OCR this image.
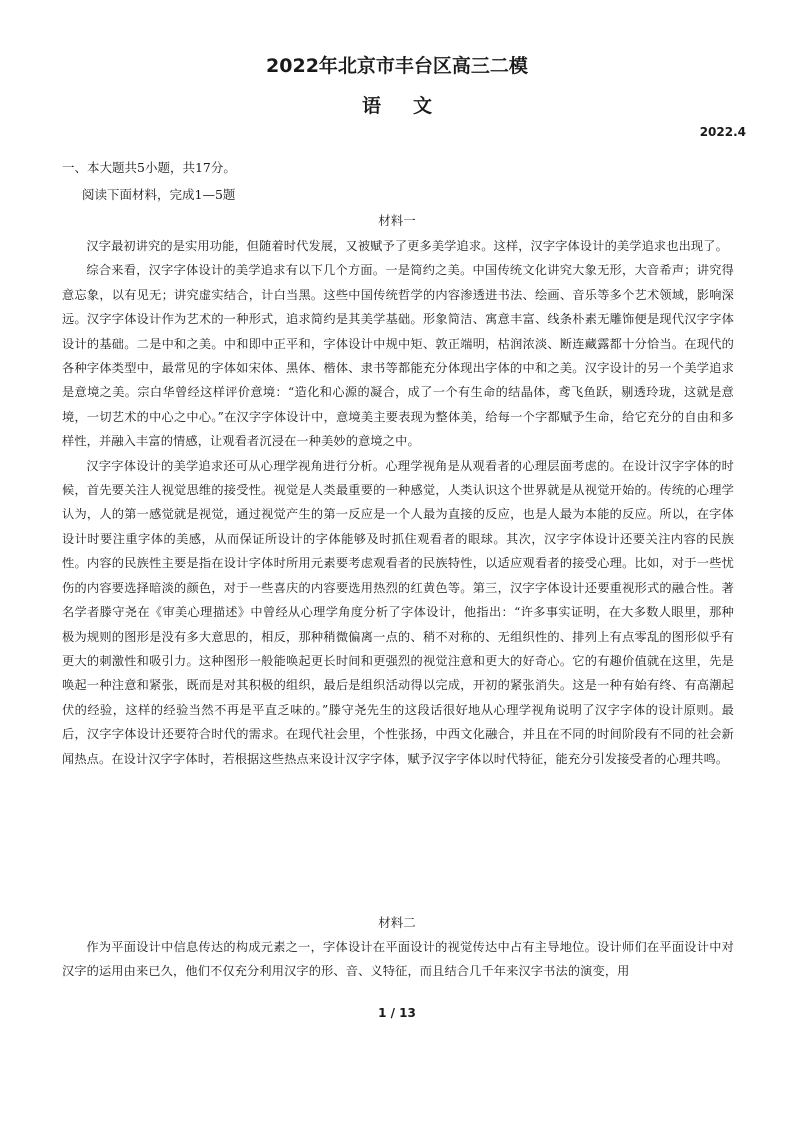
2022年北京市丰台区高三二模
语文
2022.4
一、本大题共5小题，共17分。
阅读下面材料，完成1—5题
材料一

汉字最初讲究的是实用功能，但随着时代发展，又被赋予了更多美学追求。这样，汉字字体设计的美学追求也出现了。

综合来看，汉字字体设计的美学追求有以下几个方面。一是简约之美。中国传统文化讲究大象无形，大音希声；讲究得意忘象，以有见无；讲究虚实结合，计白当黑。这些中国传统哲学的内容渗透进书法、绘画、音乐等多个艺术领域，影响深远。汉字字体设计作为艺术的一种形式，追求简约是其美学基础。形象简洁、寓意丰富、线条朴素无雕饰便是现代汉字字体设计的基础。二是中和之美。中和即中正平和，字体设计中规中矩、敦正端明，枯润浓淡、断连藏露都十分恰当。在现代的各种字体类型中，最常见的字体如宋体、黑体、楷体、隶书等都能充分体现出字体的中和之美。汉字设计的另一个美学追求是意境之美。宗白华曾经这样评价意境：“造化和心源的凝合，成了一个有生命的结晶体，鸢飞鱼跃，剔透玲珑，这就是意境，一切艺术的中心之中心。”在汉字字体设计中，意境美主要表现为整体美，给每一个字都赋予生命，给它充分的自由和多样性，并融入丰富的情感，让观看者沉浸在一种美妙的意境之中。

汉字字体设计的美学追求还可从心理学视角进行分析。心理学视角是从观看者的心理层面考虑的。在设计汉字字体的时候，首先要关注人视觉思维的接受性。视觉是人类最重要的一种感觉，人类认识这个世界就是从视觉开始的。传统的心理学认为，人的第一感觉就是视觉，通过视觉产生的第一反应是一个人最为直接的反应，也是人最为本能的反应。所以，在字体设计时要注重字体的美感，从而保证所设计的字体能够及时抓住观看者的眼球。其次，汉字字体设计还要关注内容的民族性。内容的民族性主要是指在设计字体时所用元素要考虑观看者的民族特性，以适应观看者的接受心理。比如，对于一些忧伤的内容要选择暗淡的颜色，对于一些喜庆的内容要选用热烈的红黄色等。第三，汉字字体设计还要重视形式的融合性。著名学者滕守尧在《审美心理描述》中曾经从心理学角度分析了字体设计，他指出：“许多事实证明，在大多数人眼里，那种极为规则的图形是没有多大意思的，相反，那种稍微偏离一点的、稍不对称的、无组织性的、排列上有点零乱的图形似乎有更大的刺激性和吸引力。这种图形一般能唤起更长时间和更强烈的视觉注意和更大的好奇心。它的有趣价值就在这里，先是唤起一种注意和紧张，既而是对其积极的组织，最后是组织活动得以完成，开初的紧张消失。这是一种有始有终、有高潮起伏的经验，这样的经验当然不再是平直乏味的。”滕守尧先生的这段话很好地从心理学视角说明了汉字字体的设计原则。最后，汉字字体设计还要符合时代的需求。在现代社会里，个性张扬，中西文化融合，并且在不同的时间阶段有不同的社会新闻热点。在设计汉字字体时，若根据这些热点来设计汉字字体，赋予汉字字体以时代特征，能充分引发接受者的心理共鸣。

材料二

作为平面设计中信息传达的构成元素之一，字体设计在平面设计的视觉传达中占有主导地位。设计师们在平面设计中对汉字的运用由来已久，他们不仅充分利用汉字的形、音、义特征，而且结合几千年来汉字书法的演变，用

1 / 13
